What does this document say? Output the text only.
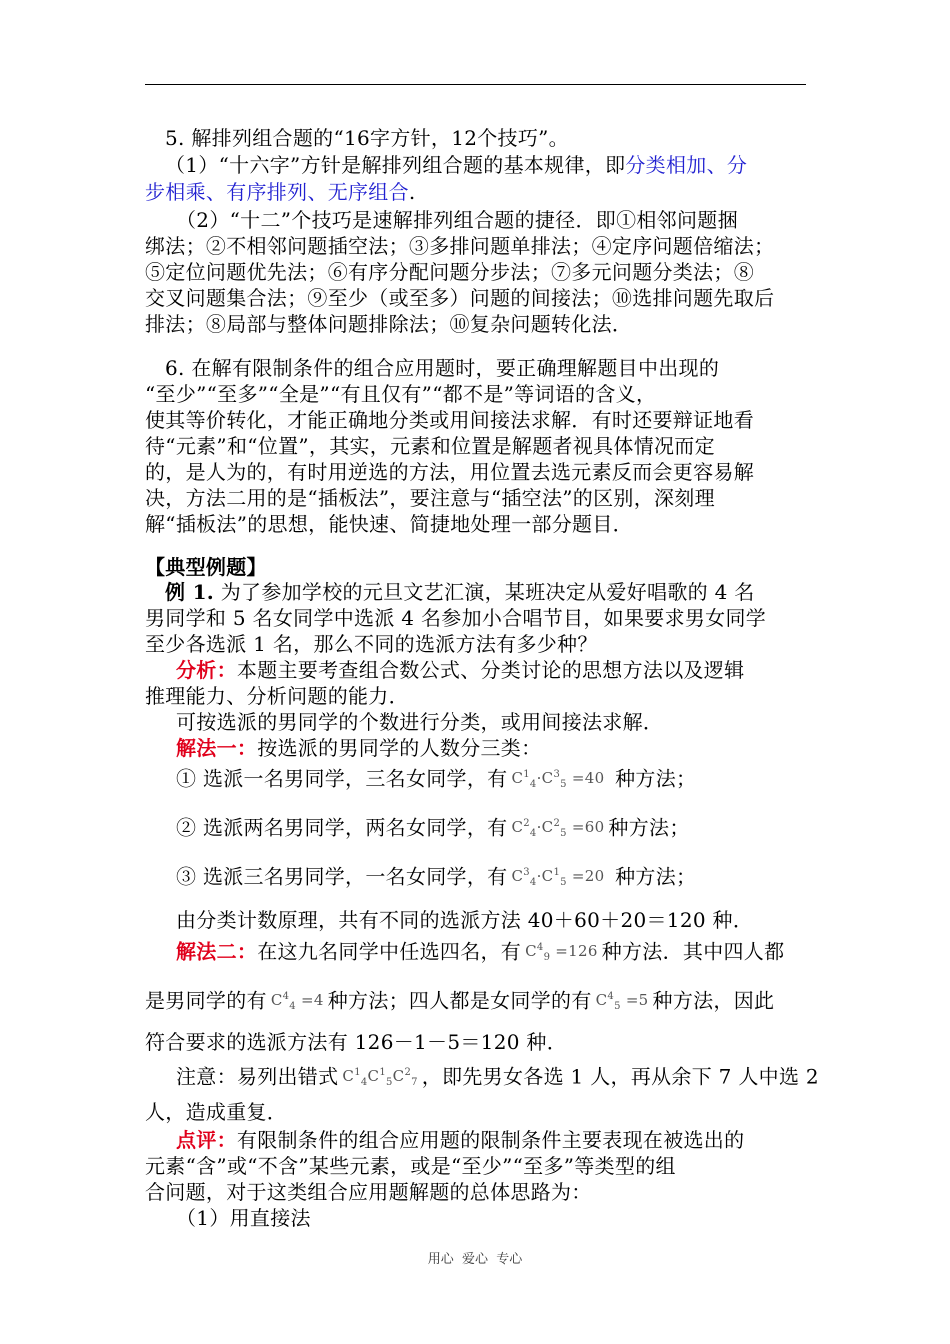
5. 解排列组合题的“16字方针，12个技巧”。
（1）“十六字”方针是解排列组合题的基本规律，即分类相加、分
步相乘、有序排列、无序组合.
（2）“十二”个技巧是速解排列组合题的捷径．即①相邻问题捆
绑法；②不相邻问题插空法；③多排问题单排法；④定序问题倍缩法；
⑤定位问题优先法；⑥有序分配问题分步法；⑦多元问题分类法；⑧
交叉问题集合法；⑨至少（或至多）问题的间接法；⑩选排问题先取后
排法；⑧局部与整体问题排除法；⑩复杂问题转化法．
6. 在解有限制条件的组合应用题时，要正确理解题目中出现的
“至少”“至多”“全是”“有且仅有”“都不是”等词语的含义，
使其等价转化，才能正确地分类或用间接法求解．有时还要辩证地看
待“元素”和“位置”，其实，元素和位置是解题者视具体情况而定
的，是人为的，有时用逆选的方法，用位置去选元素反而会更容易解
决，方法二用的是“插板法”，要注意与“插空法”的区别，深刻理
解“插板法”的思想，能快速、简捷地处理一部分题目．
【典型例题】
例 1. 为了参加学校的元旦文艺汇演，某班决定从爱好唱歌的 4 名
男同学和 5 名女同学中选派 4 名参加小合唱节目，如果要求男女同学
至少各选派 1 名，那么不同的选派方法有多少种？
分析：本题主要考查组合数公式、分类讨论的思想方法以及逻辑
推理能力、分析问题的能力．
可按选派的男同学的个数进行分类，或用间接法求解．
解法一：按选派的男同学的人数分三类：
① 选派一名男同学，三名女同学，有 $C^1_4\cdot C^3_5 =40$ 种方法；
② 选派两名男同学，两名女同学，有 $C^2_4\cdot C^2_5 =60$ 种方法；
③ 选派三名男同学，一名女同学，有 $C^3_4\cdot C^1_5 =20$ 种方法；
由分类计数原理，共有不同的选派方法 40＋60＋20＝120 种．
解法二：在这九名同学中任选四名，有 $C^4_9 =126$ 种方法．其中四人都
是男同学的有 $C^4_4 =4$ 种方法；四人都是女同学的有 $C^4_5 =5$ 种方法，因此
符合要求的选派方法有 126－1－5＝120 种．
注意：易列出错式 $C^1_4C^1_5C^2_7$ ，即先男女各选 1 人，再从余下 7 人中选 2
人，造成重复．
点评：有限制条件的组合应用题的限制条件主要表现在被选出的
元素“含”或“不含”某些元素，或是“至少”“至多”等类型的组
合问题，对于这类组合应用题解题的总体思路为：
（1）用直接法
用心  爱心  专心
